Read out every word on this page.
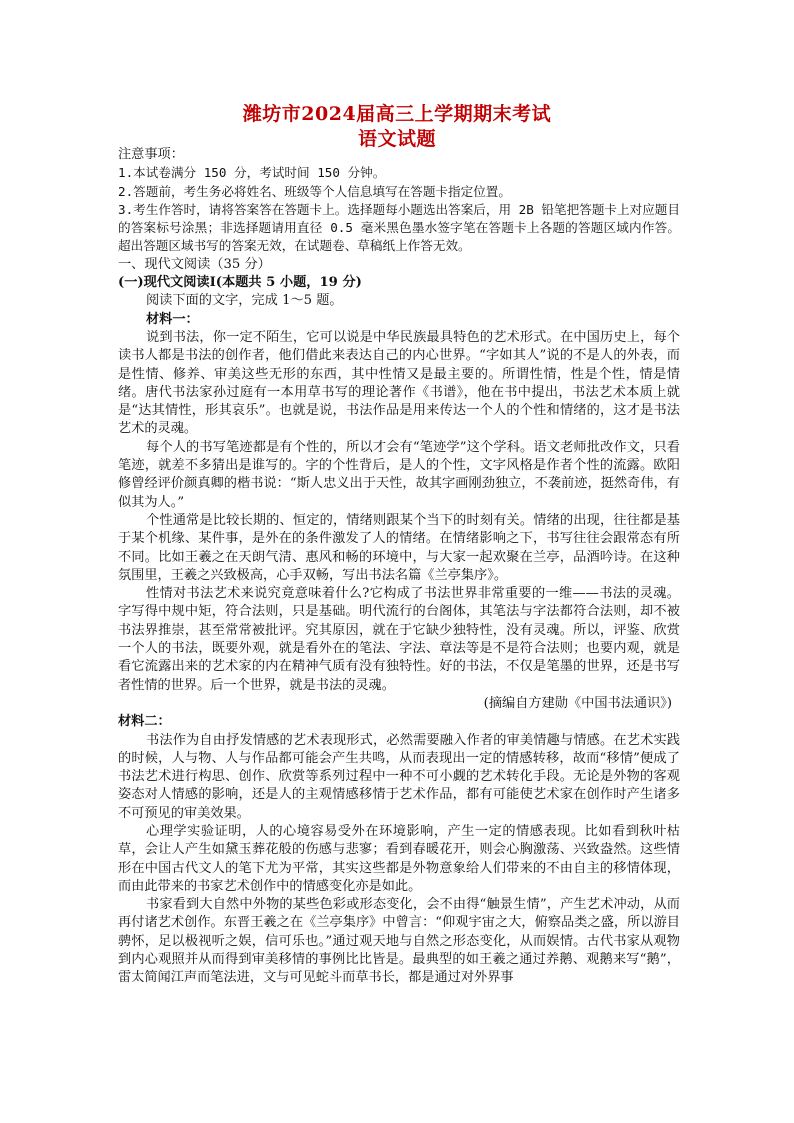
潍坊市2024届高三上学期期末考试
语文试题

注意事项：

1.本试卷满分 150 分，考试时间 150 分钟。

2.答题前，考生务必将姓名、班级等个人信息填写在答题卡指定位置。

3.考生作答时，请将答案答在答题卡上。选择题每小题选出答案后，用 2B 铅笔把答题卡上对应题目的答案标号涂黑；非选择题请用直径 0.5 毫米黑色墨水签字笔在答题卡上各题的答题区域内作答。超出答题区域书写的答案无效，在试题卷、草稿纸上作答无效。

一、现代文阅读（35 分）

(一)现代文阅读Ⅰ(本题共 5 小题，19 分)

阅读下面的文字，完成 1～5 题。

材料一：

说到书法，你一定不陌生，它可以说是中华民族最具特色的艺术形式。在中国历史上，每个读书人都是书法的创作者，他们借此来表达自己的内心世界。“字如其人”说的不是人的外表，而是性情、修养、审美这些无形的东西，其中性情又是最主要的。所谓性情，性是个性，情是情绪。唐代书法家孙过庭有一本用草书写的理论著作《书谱》，他在书中提出，书法艺术本质上就是“达其情性，形其哀乐”。也就是说，书法作品是用来传达一个人的个性和情绪的，这才是书法艺术的灵魂。

每个人的书写笔迹都是有个性的，所以才会有“笔迹学”这个学科。语文老师批改作文，只看笔迹，就差不多猜出是谁写的。字的个性背后，是人的个性，文字风格是作者个性的流露。欧阳修曾经评价颜真卿的楷书说：“斯人忠义出于天性，故其字画刚劲独立，不袭前迹，挺然奇伟，有似其为人。”

个性通常是比较长期的、恒定的，情绪则跟某个当下的时刻有关。情绪的出现，往往都是基于某个机缘、某件事，是外在的条件激发了人的情绪。在情绪影响之下，书写往往会跟常态有所不同。比如王羲之在天朗气清、惠风和畅的环境中，与大家一起欢聚在兰亭，品酒吟诗。在这种氛围里，王羲之兴致极高，心手双畅，写出书法名篇《兰亭集序》。

性情对书法艺术来说究竟意味着什么?它构成了书法世界非常重要的一维——书法的灵魂。字写得中规中矩，符合法则，只是基础。明代流行的台阁体，其笔法与字法都符合法则，却不被书法界推崇，甚至常常被批评。究其原因，就在于它缺少独特性，没有灵魂。所以，评鉴、欣赏一个人的书法，既要外观，就是看外在的笔法、字法、章法等是不是符合法则；也要内观，就是看它流露出来的艺术家的内在精神气质有没有独特性。好的书法，不仅是笔墨的世界，还是书写者性情的世界。后一个世界，就是书法的灵魂。

(摘编自方建勋《中国书法通识》)

材料二：

书法作为自由抒发情感的艺术表现形式，必然需要融入作者的审美情趣与情感。在艺术实践的时候，人与物、人与作品都可能会产生共鸣，从而表现出一定的情感转移，故而“移情”便成了书法艺术进行构思、创作、欣赏等系列过程中一种不可小觑的艺术转化手段。无论是外物的客观姿态对人情感的影响，还是人的主观情感移情于艺术作品，都有可能使艺术家在创作时产生诸多不可预见的审美效果。

心理学实验证明，人的心境容易受外在环境影响，产生一定的情感表现。比如看到秋叶枯草，会让人产生如黛玉葬花般的伤感与悲寥；看到春暖花开，则会心胸激荡、兴致盎然。这些情形在中国古代文人的笔下尤为平常，其实这些都是外物意象给人们带来的不由自主的移情体现，而由此带来的书家艺术创作中的情感变化亦是如此。

书家看到大自然中外物的某些色彩或形态变化，会不由得“触景生情”，产生艺术冲动，从而再付诸艺术创作。东晋王羲之在《兰亭集序》中曾言：“仰观宇宙之大，俯察品类之盛，所以游目骋怀，足以极视听之娱，信可乐也。”通过观天地与自然之形态变化，从而娱情。古代书家从观物到内心观照并从而得到审美移情的事例比比皆是。最典型的如王羲之通过养鹅、观鹅来写“鹅”，雷太简闻江声而笔法进，文与可见蛇斗而草书长，都是通过对外界事
